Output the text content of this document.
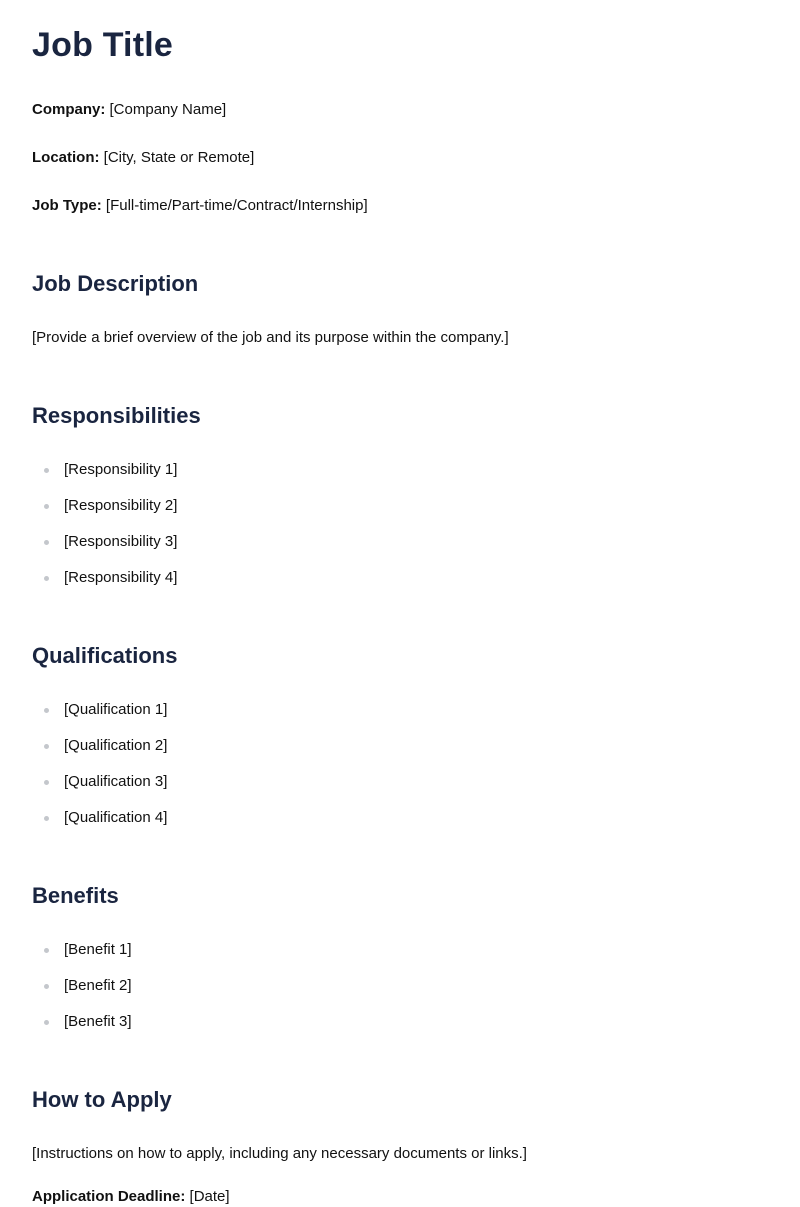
Job Title

Company: [Company Name]

Location: [City, State or Remote]

Job Type: [Full-time/Part-time/Contract/Internship]

Job Description

[Provide a brief overview of the job and its purpose within the company.]

Responsibilities
[Responsibility 1]
[Responsibility 2]
[Responsibility 3]
[Responsibility 4]
Qualifications
[Qualification 1]
[Qualification 2]
[Qualification 3]
[Qualification 4]
Benefits
[Benefit 1]
[Benefit 2]
[Benefit 3]
How to Apply

[Instructions on how to apply, including any necessary documents or links.]

Application Deadline: [Date]
